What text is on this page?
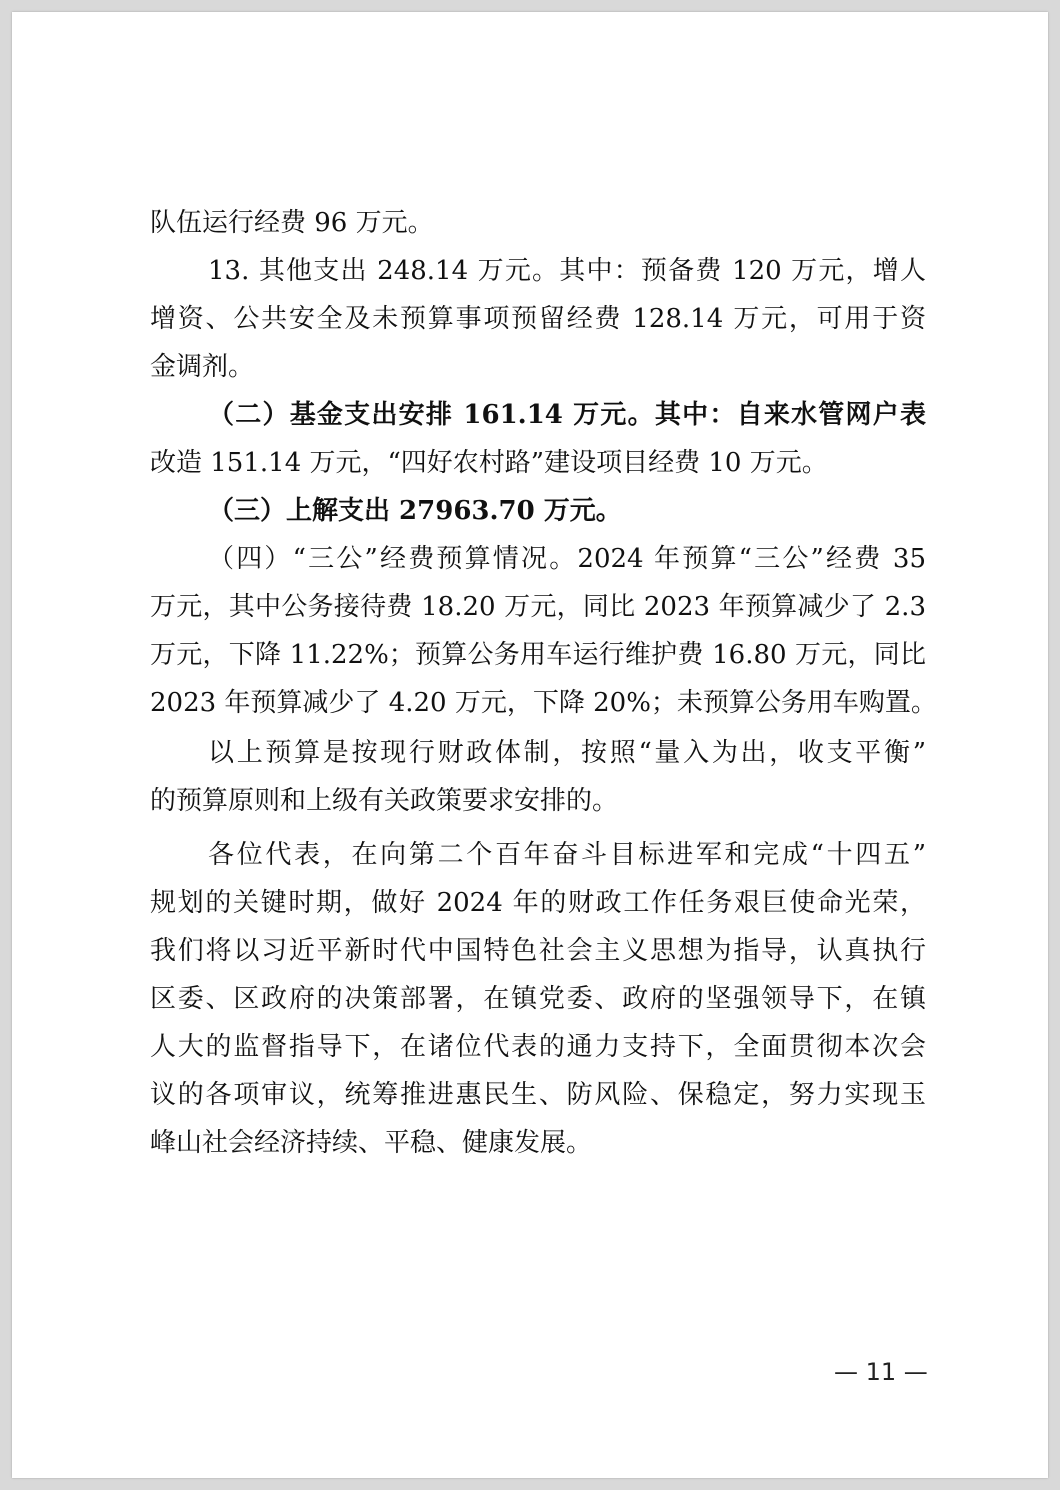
队伍运行经费 96 万元。
13. 其他支出 248.14 万元。其中：预备费 120 万元，增人
增资、公共安全及未预算事项预留经费 128.14 万元，可用于资
金调剂。
（二）基金支出安排 161.14 万元。其中：自来水管网户表
改造 151.14 万元，“四好农村路”建设项目经费 10 万元。
（三）上解支出 27963.70 万元。
（四）“三公”经费预算情况。2024 年预算“三公”经费 35
万元，其中公务接待费 18.20 万元，同比 2023 年预算减少了 2.3
万元，下降 11.22%；预算公务用车运行维护费 16.80 万元，同比
2023 年预算减少了 4.20 万元，下降 20%；未预算公务用车购置。
以上预算是按现行财政体制，按照“量入为出，收支平衡”
的预算原则和上级有关政策要求安排的。
各位代表，在向第二个百年奋斗目标进军和完成“十四五”
规划的关键时期，做好 2024 年的财政工作任务艰巨使命光荣，
我们将以习近平新时代中国特色社会主义思想为指导，认真执行
区委、区政府的决策部署，在镇党委、政府的坚强领导下，在镇
人大的监督指导下，在诸位代表的通力支持下，全面贯彻本次会
议的各项审议，统筹推进惠民生、防风险、保稳定，努力实现玉
峰山社会经济持续、平稳、健康发展。
— 11 —
